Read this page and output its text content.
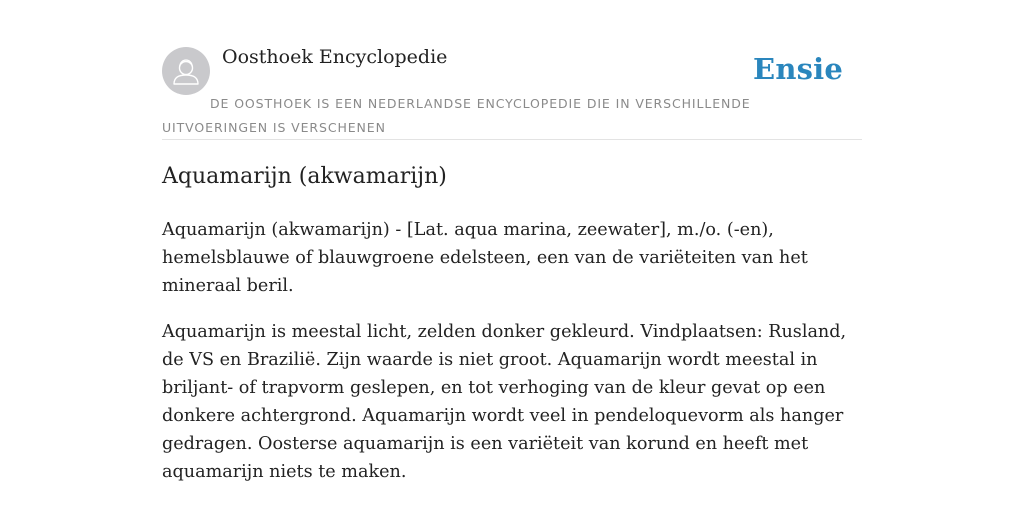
Oosthoek Encyclopedie	Ensie
DE OOSTHOEK IS EEN NEDERLANDSE ENCYCLOPEDIE DIE IN VERSCHILLENDE UITVOERINGEN IS VERSCHENEN
Aquamarijn (akwamarijn)

Aquamarijn (akwamarijn) - [Lat. aqua marina, zeewater], m./o. (-en), hemelsblauwe of blauwgroene edelsteen, een van de variëteiten van het mineraal beril.

Aquamarijn is meestal licht, zelden donker gekleurd. Vindplaatsen: Rusland, de VS en Brazilië. Zijn waarde is niet groot. Aquamarijn wordt meestal in briljant- of trapvorm geslepen, en tot verhoging van de kleur gevat op een donkere achtergrond. Aquamarijn wordt veel in pendeloquevorm als hanger gedragen. Oosterse aquamarijn is een variëteit van korund en heeft met aquamarijn niets te maken.
